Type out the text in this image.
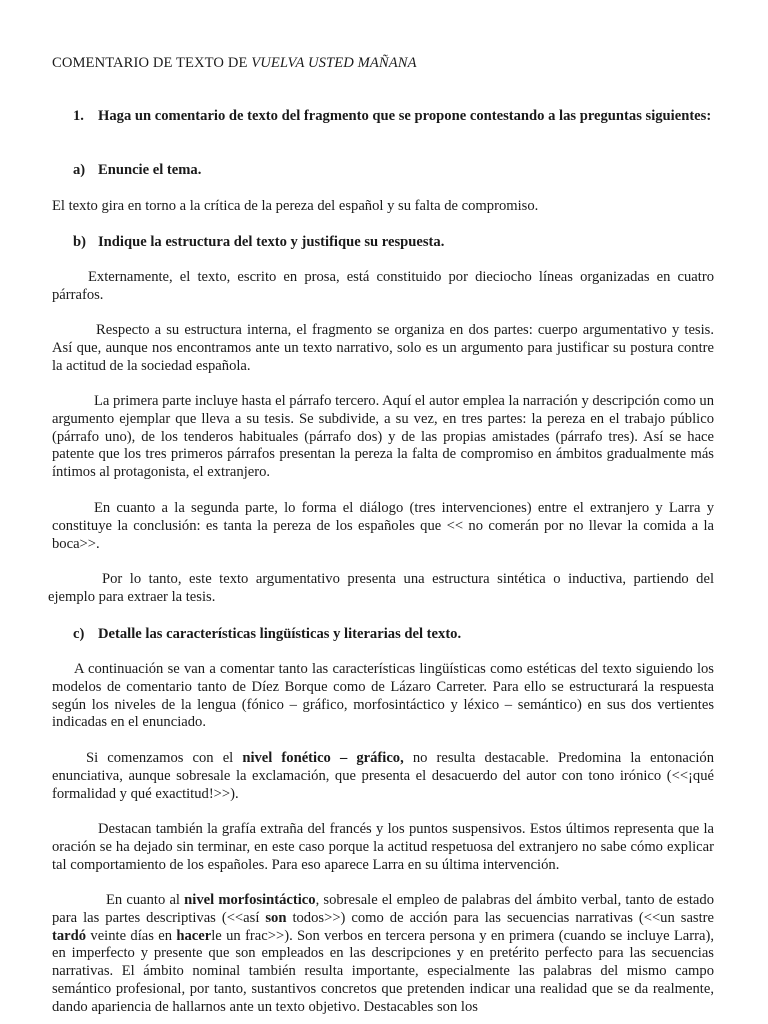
COMENTARIO DE TEXTO DE VUELVA USTED MAÑANA
1. Haga un comentario de texto del fragmento que se propone contestando a las preguntas siguientes:
a) Enuncie el tema.
El texto gira en torno a la crítica de la pereza del español y su falta de compromiso.
b) Indique la estructura del texto y justifique su respuesta.
Externamente, el texto, escrito en prosa, está constituido por dieciocho líneas organizadas en cuatro párrafos.
Respecto a su estructura interna, el fragmento se organiza en dos partes: cuerpo argumentativo y tesis. Así que, aunque nos encontramos ante un texto narrativo, solo es un argumento para justificar su postura contre la actitud de la sociedad española.
La primera parte incluye hasta el párrafo tercero. Aquí el autor emplea la narración y descripción como un argumento ejemplar que lleva a su tesis. Se subdivide, a su vez, en tres partes: la pereza en el trabajo público (párrafo uno), de los tenderos habituales (párrafo dos) y de las propias amistades (párrafo tres). Así se hace patente que los tres primeros párrafos presentan la pereza la falta de compromiso en ámbitos gradualmente más íntimos al protagonista, el extranjero.
En cuanto a la segunda parte, lo forma el diálogo (tres intervenciones) entre el extranjero y Larra y constituye la conclusión: es tanta la pereza de los españoles que << no comerán por no llevar la comida a la boca>>.
Por lo tanto, este texto argumentativo presenta una estructura sintética o inductiva, partiendo del ejemplo para extraer la tesis.
c) Detalle las características lingüísticas y literarias del texto.
A continuación se van a comentar tanto las características lingüísticas como estéticas del texto siguiendo los modelos de comentario tanto de Díez Borque como de Lázaro Carreter. Para ello se estructurará la respuesta según los niveles de la lengua (fónico – gráfico, morfosintáctico y léxico – semántico) en sus dos vertientes indicadas en el enunciado.
Si comenzamos con el nivel fonético – gráfico, no resulta destacable. Predomina la entonación enunciativa, aunque sobresale la exclamación, que presenta el desacuerdo del autor con tono irónico (<<¡qué formalidad y qué exactitud!>>).
Destacan también la grafía extraña del francés y los puntos suspensivos. Estos últimos representa que la oración se ha dejado sin terminar, en este caso porque la actitud respetuosa del extranjero no sabe cómo explicar tal comportamiento de los españoles. Para eso aparece Larra en su última intervención.
En cuanto al nivel morfosintáctico, sobresale el empleo de palabras del ámbito verbal, tanto de estado para las partes descriptivas (<<así son todos>>) como de acción para las secuencias narrativas (<<un sastre tardó veinte días en hacerle un frac>>). Son verbos en tercera persona y en primera (cuando se incluye Larra), en imperfecto y presente que son empleados en las descripciones y en pretérito perfecto para las secuencias narrativas. El ámbito nominal también resulta importante, especialmente las palabras del mismo campo semántico profesional, por tanto, sustantivos concretos que pretenden indicar una realidad que se da realmente, dando apariencia de hallarnos ante un texto objetivo. Destacables son los
